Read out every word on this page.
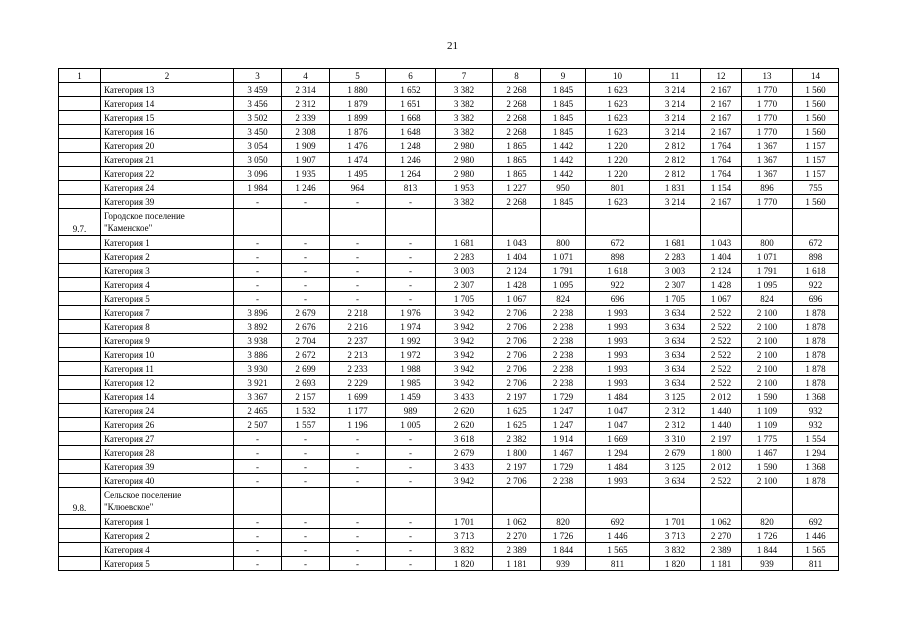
21
1	2	3	4	5	6	7	8	9	10	11	12	13	14
	Категория 13	3 459	2 314	1 880	1 652	3 382	2 268	1 845	1 623	3 214	2 167	1 770	1 560
	Категория 14	3 456	2 312	1 879	1 651	3 382	2 268	1 845	1 623	3 214	2 167	1 770	1 560
	Категория 15	3 502	2 339	1 899	1 668	3 382	2 268	1 845	1 623	3 214	2 167	1 770	1 560
	Категория 16	3 450	2 308	1 876	1 648	3 382	2 268	1 845	1 623	3 214	2 167	1 770	1 560
	Категория 20	3 054	1 909	1 476	1 248	2 980	1 865	1 442	1 220	2 812	1 764	1 367	1 157
	Категория 21	3 050	1 907	1 474	1 246	2 980	1 865	1 442	1 220	2 812	1 764	1 367	1 157
	Категория 22	3 096	1 935	1 495	1 264	2 980	1 865	1 442	1 220	2 812	1 764	1 367	1 157
	Категория 24	1 984	1 246	964	813	1 953	1 227	950	801	1 831	1 154	896	755
	Категория 39	-	-	-	-	3 382	2 268	1 845	1 623	3 214	2 167	1 770	1 560
9.7.	Городское поселение "Каменское"												
	Категория 1	-	-	-	-	1 681	1 043	800	672	1 681	1 043	800	672
	Категория 2	-	-	-	-	2 283	1 404	1 071	898	2 283	1 404	1 071	898
	Категория 3	-	-	-	-	3 003	2 124	1 791	1 618	3 003	2 124	1 791	1 618
	Категория 4	-	-	-	-	2 307	1 428	1 095	922	2 307	1 428	1 095	922
	Категория 5	-	-	-	-	1 705	1 067	824	696	1 705	1 067	824	696
	Категория 7	3 896	2 679	2 218	1 976	3 942	2 706	2 238	1 993	3 634	2 522	2 100	1 878
	Категория 8	3 892	2 676	2 216	1 974	3 942	2 706	2 238	1 993	3 634	2 522	2 100	1 878
	Категория 9	3 938	2 704	2 237	1 992	3 942	2 706	2 238	1 993	3 634	2 522	2 100	1 878
	Категория 10	3 886	2 672	2 213	1 972	3 942	2 706	2 238	1 993	3 634	2 522	2 100	1 878
	Категория 11	3 930	2 699	2 233	1 988	3 942	2 706	2 238	1 993	3 634	2 522	2 100	1 878
	Категория 12	3 921	2 693	2 229	1 985	3 942	2 706	2 238	1 993	3 634	2 522	2 100	1 878
	Категория 14	3 367	2 157	1 699	1 459	3 433	2 197	1 729	1 484	3 125	2 012	1 590	1 368
	Категория 24	2 465	1 532	1 177	989	2 620	1 625	1 247	1 047	2 312	1 440	1 109	932
	Категория 26	2 507	1 557	1 196	1 005	2 620	1 625	1 247	1 047	2 312	1 440	1 109	932
	Категория 27	-	-	-	-	3 618	2 382	1 914	1 669	3 310	2 197	1 775	1 554
	Категория 28	-	-	-	-	2 679	1 800	1 467	1 294	2 679	1 800	1 467	1 294
	Категория 39	-	-	-	-	3 433	2 197	1 729	1 484	3 125	2 012	1 590	1 368
	Категория 40	-	-	-	-	3 942	2 706	2 238	1 993	3 634	2 522	2 100	1 878
9.8.	Сельское поселение "Клюевское"												
	Категория 1	-	-	-	-	1 701	1 062	820	692	1 701	1 062	820	692
	Категория 2	-	-	-	-	3 713	2 270	1 726	1 446	3 713	2 270	1 726	1 446
	Категория 4	-	-	-	-	3 832	2 389	1 844	1 565	3 832	2 389	1 844	1 565
	Категория 5	-	-	-	-	1 820	1 181	939	811	1 820	1 181	939	811
